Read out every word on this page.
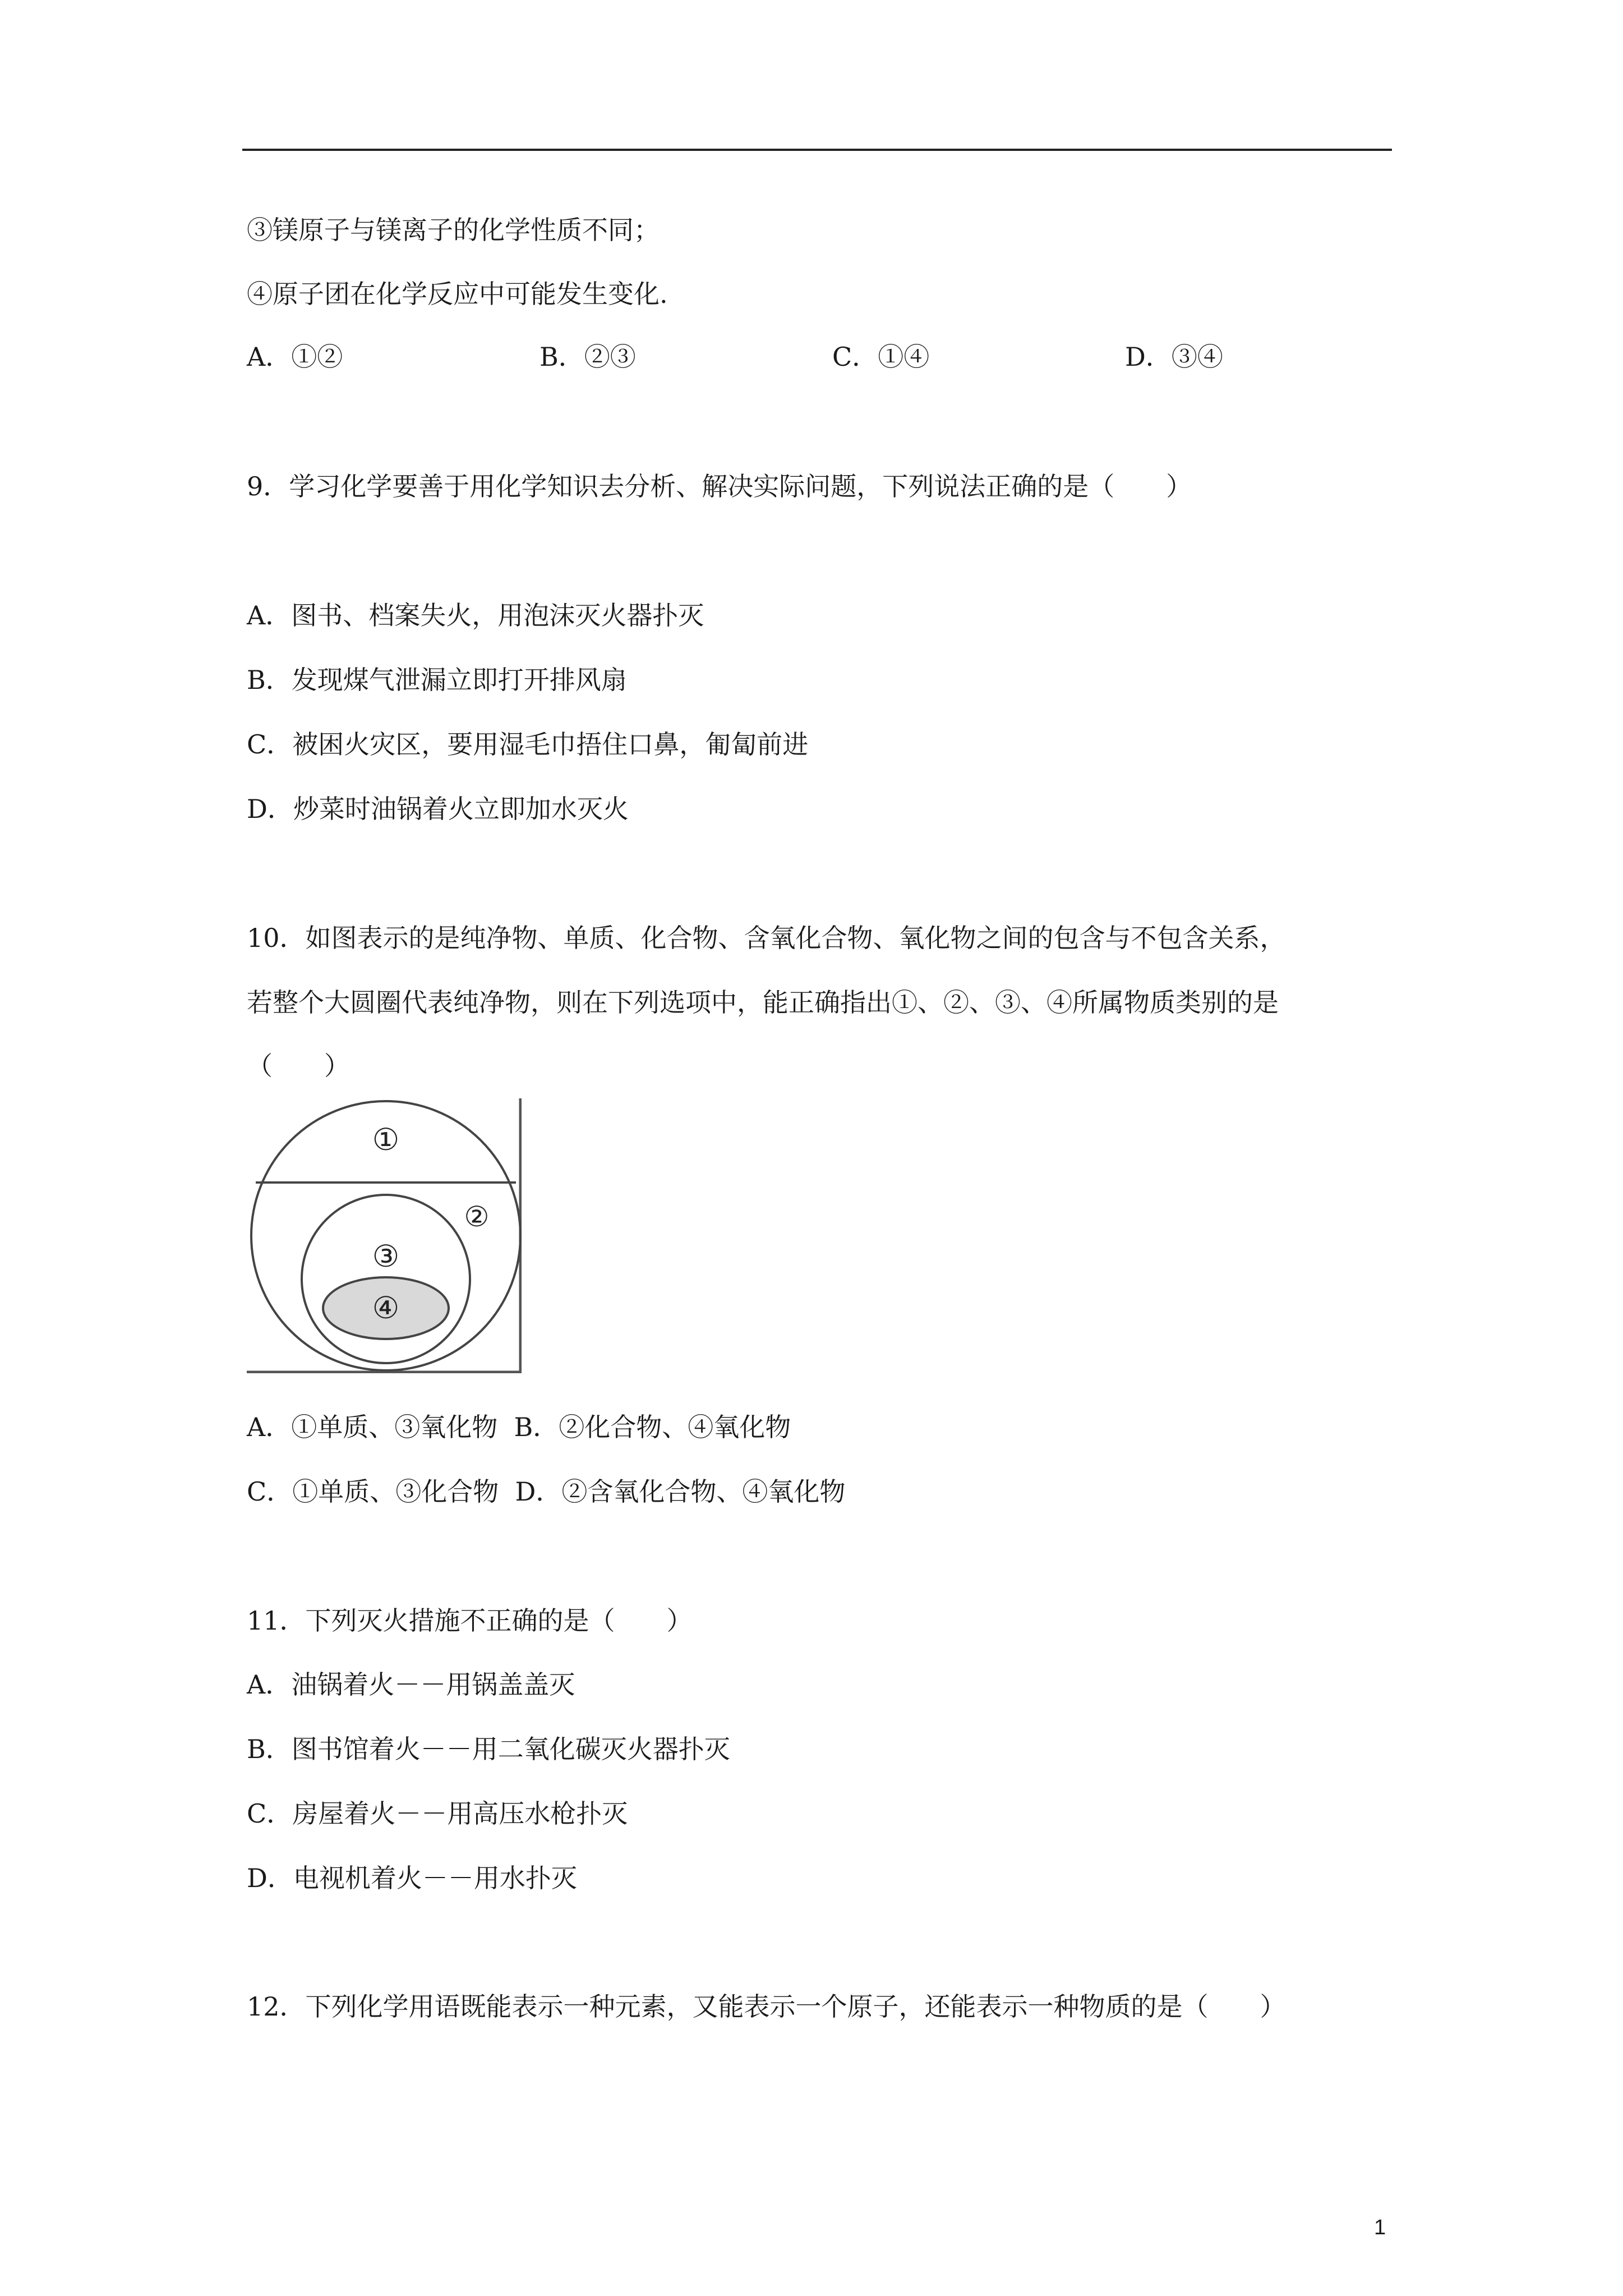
③镁原子与镁离子的化学性质不同；
④原子团在化学反应中可能发生变化.
A．①②	B．②③	C．①④	D．③④
9．学习化学要善于用化学知识去分析、解决实际问题，下列说法正确的是（　　）
A．图书、档案失火，用泡沫灭火器扑灭
B．发现煤气泄漏立即打开排风扇
C．被困火灾区，要用湿毛巾捂住口鼻，匍匐前进
D．炒菜时油锅着火立即加水灭火
10．如图表示的是纯净物、单质、化合物、含氧化合物、氧化物之间的包含与不包含关系，
若整个大圆圈代表纯净物，则在下列选项中，能正确指出①、②、③、④所属物质类别的是
（　　）
①
②
③
④
A．①单质、③氧化物  B．②化合物、④氧化物
C．①单质、③化合物  D．②含氧化合物、④氧化物
11．下列灭火措施不正确的是（　　）
A．油锅着火－－用锅盖盖灭
B．图书馆着火－－用二氧化碳灭火器扑灭
C．房屋着火－－用高压水枪扑灭
D．电视机着火－－用水扑灭
12．下列化学用语既能表示一种元素，又能表示一个原子，还能表示一种物质的是（　　）
1
